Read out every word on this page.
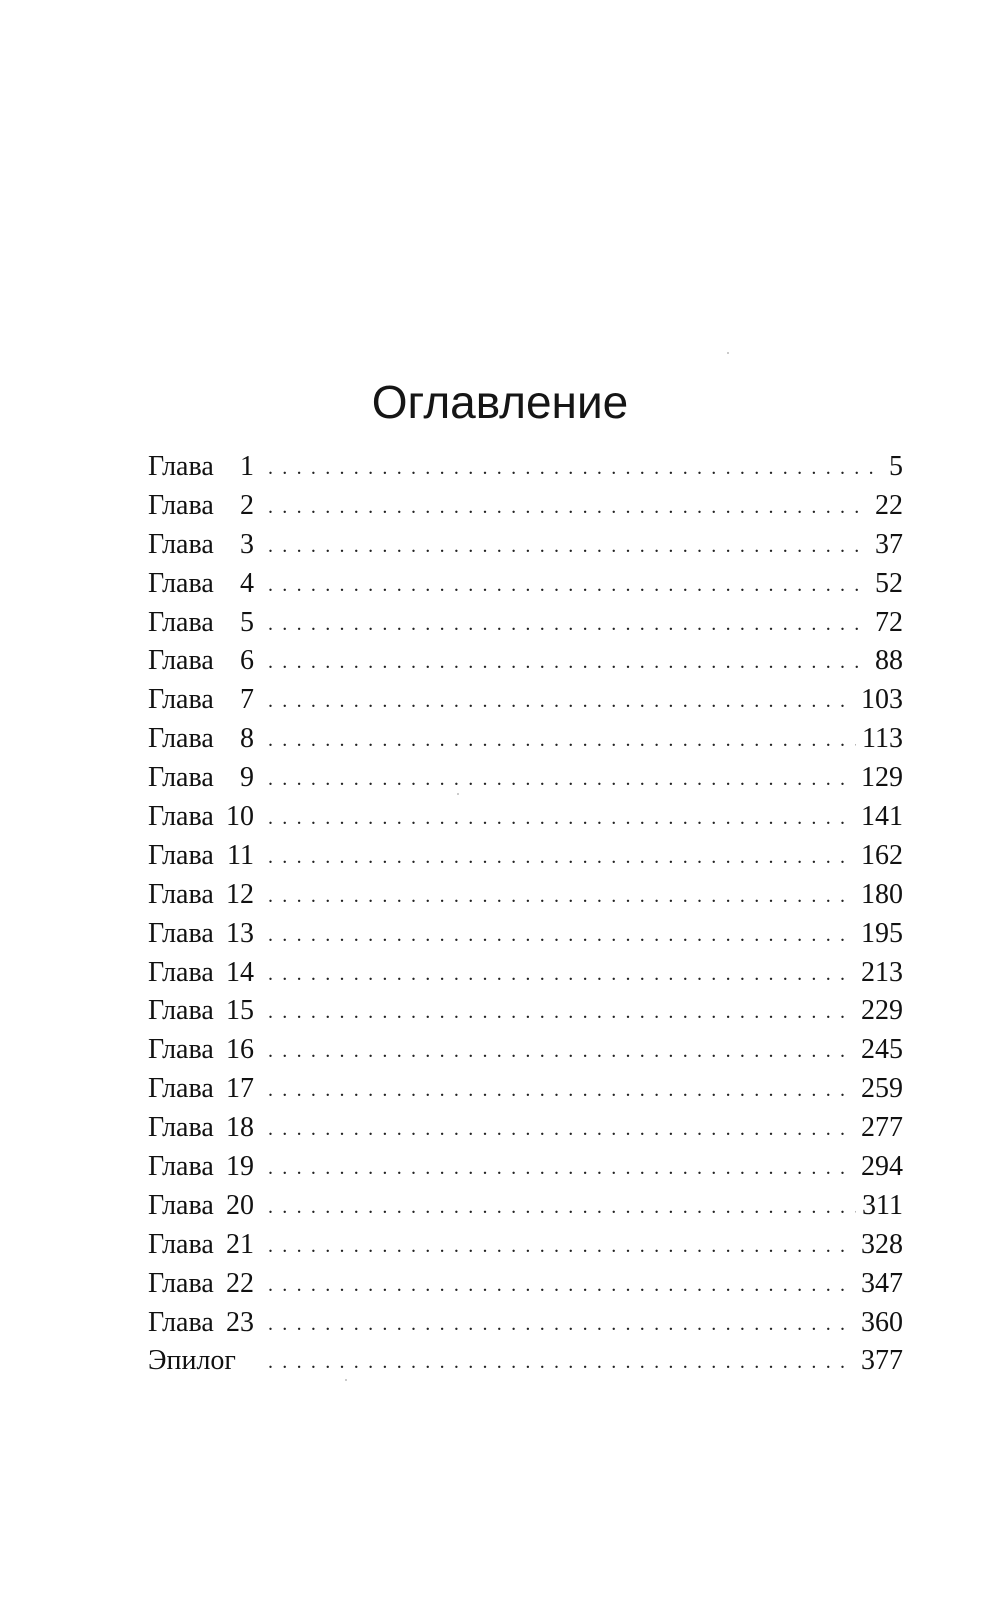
Оглавление
Глава 1 . . .	5
Глава 2 . . .	22
Глава 3 . . .	37
Глава 4 . . .	52
Глава 5 . . .	72
Глава 6 . . .	88
Глава 7 . . .	103
Глава 8 . . .	113
Глава 9 . . .	129
Глава 10 . . .	141
Глава 11 . . .	162
Глава 12 . . .	180
Глава 13 . . .	195
Глава 14 . . .	213
Глава 15 . . .	229
Глава 16 . . .	245
Глава 17 . . .	259
Глава 18 . . .	277
Глава 19 . . .	294
Глава 20 . . .	311
Глава 21 . . .	328
Глава 22 . . .	347
Глава 23 . . .	360
Эпилог . . .	377
